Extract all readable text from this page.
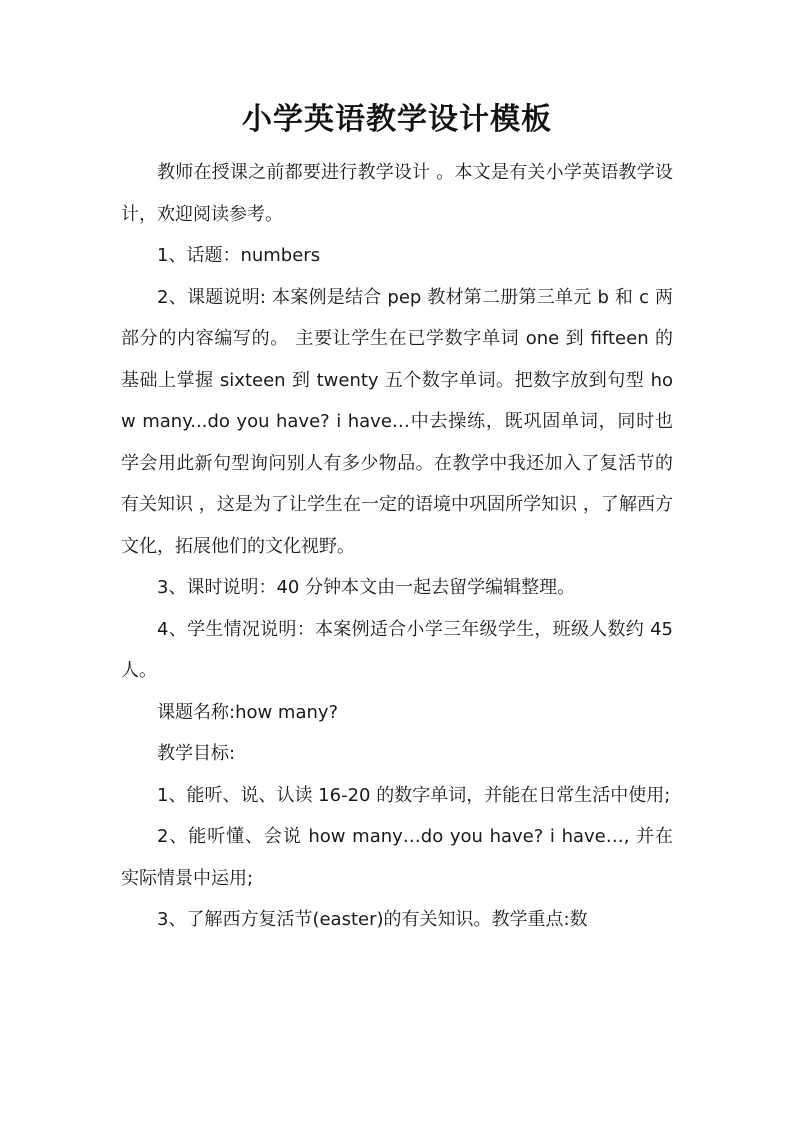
小学英语教学设计模板

教师在授课之前都要进行教学设计 。本文是有关小学英语教学设计，欢迎阅读参考。

1、话题：numbers

2、课题说明: 本案例是结合 pep 教材第二册第三单元 b 和 c 两部分的内容编写的。 主要让学生在已学数字单词 one 到 fifteen 的基础上掌握 sixteen 到 twenty 五个数字单词。把数字放到句型 how many...do you have? i have…中去操练，既巩固单词，同时也学会用此新句型询问别人有多少物品。在教学中我还加入了复活节的有关知识 ，这是为了让学生在一定的语境中巩固所学知识 ，了解西方文化，拓展他们的文化视野。

3、课时说明：40 分钟本文由一起去留学编辑整理。

4、学生情况说明：本案例适合小学三年级学生，班级人数约 45 人。

课题名称:how many?

教学目标:

1、能听、说、认读 16-20 的数字单词，并能在日常生活中使用;

2、能听懂、会说 how many…do you have? i have…, 并在实际情景中运用;

3、了解西方复活节(easter)的有关知识。教学重点:数
